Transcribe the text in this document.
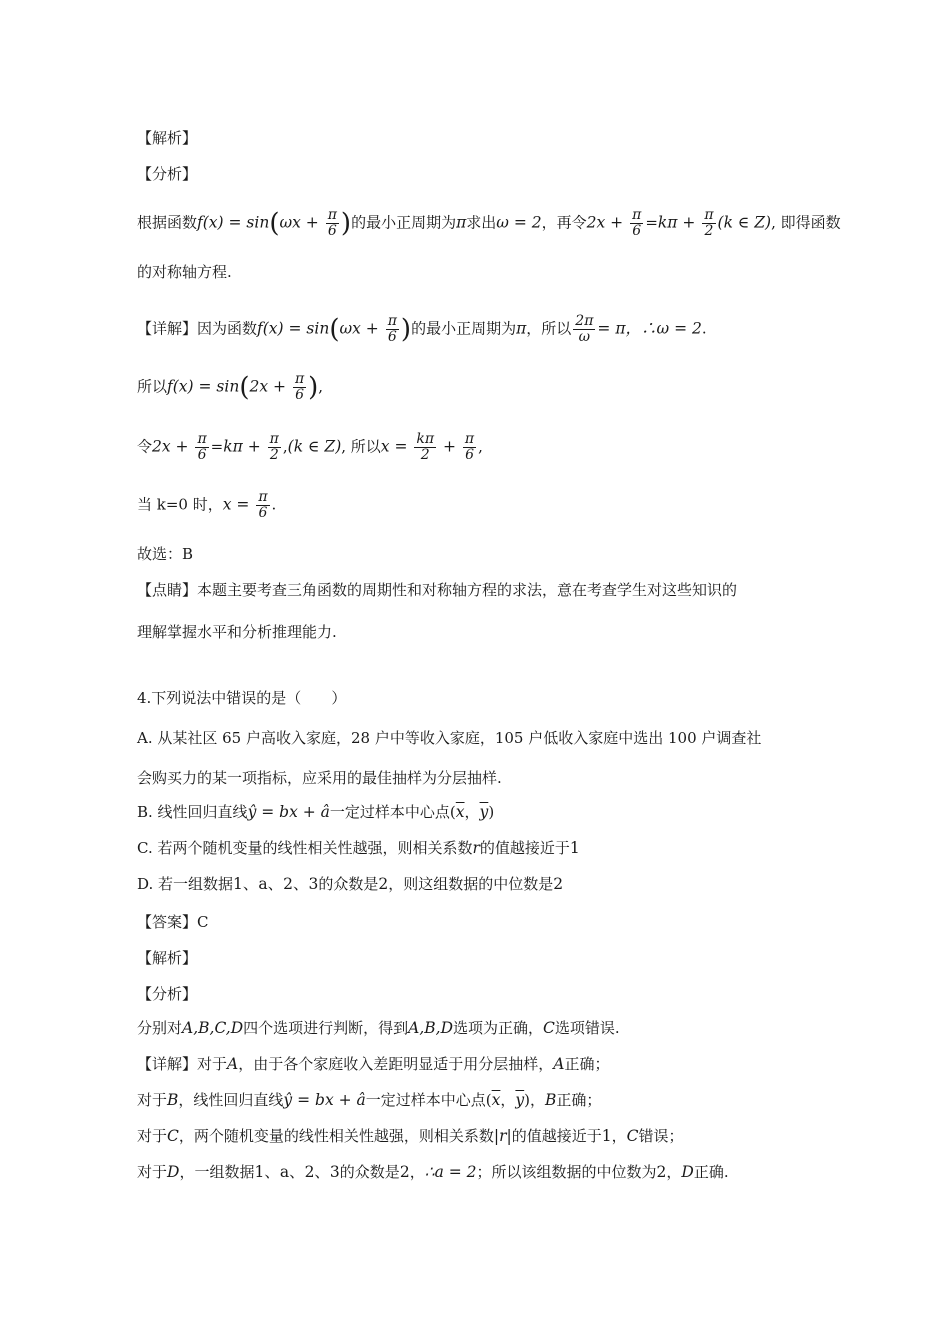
【解析】
【分析】
根据函数$f(x) = \sin(\omega x + \frac{\pi}{6}$ )的最小正周期为π求出ω = 2，再令$2x + \frac{\pi}{6} =k\pi + \frac{\pi}{2} (k$ ∈ Z), 即得函数
的对称轴方程.
【详解】因为函数$f(x) = \sin(\omega x + \frac{\pi}{6}$ )的最小正周期为π，所以 $\frac{2\pi}{\omega} = \pi$，∴ω = 2.
所以$f(x) = \sin(2x + \frac{\pi}{6}$ ),
令$2x + \frac{\pi}{6} =k\pi + \frac{\pi}{2} ,(k$ ∈ Z), 所以$x = \frac{k\pi}{2} + \frac{\pi}{6}$ ,
当 k=0 时，$x = \frac{\pi}{6}$ .
故选：B
【点睛】本题主要考查三角函数的周期性和对称轴方程的求法，意在考查学生对这些知识的
理解掌握水平和分析推理能力.
4.下列说法中错误的是（　　）
A. 从某社区 65 户高收入家庭，28 户中等收入家庭，105 户低收入家庭中选出 100 户调查社
会购买力的某一项指标，应采用的最佳抽样为分层抽样.
B. 线性回归直线ŷ = bx + â一定过样本中心点($\overline{x}$，$\overline{y}$)
C. 若两个随机变量的线性相关性越强，则相关系数r的值越接近于1
D. 若一组数据1、a、2、3的众数是2，则这组数据的中位数是2
【答案】C
【解析】
【分析】
分别对A,B,C,D四个选项进行判断，得到A,B,D选项为正确，C选项错误.
【详解】对于A，由于各个家庭收入差距明显适于用分层抽样，A正确；
对于B，线性回归直线ŷ = bx + â一定过样本中心点($\overline{x}$，$\overline{y}$)，B正确；
对于C，两个随机变量的线性相关性越强，则相关系数|r|的值越接近于1，C错误；
对于D，一组数据1、a、2、3的众数是2，∴a = 2；所以该组数据的中位数为2，D正确.
